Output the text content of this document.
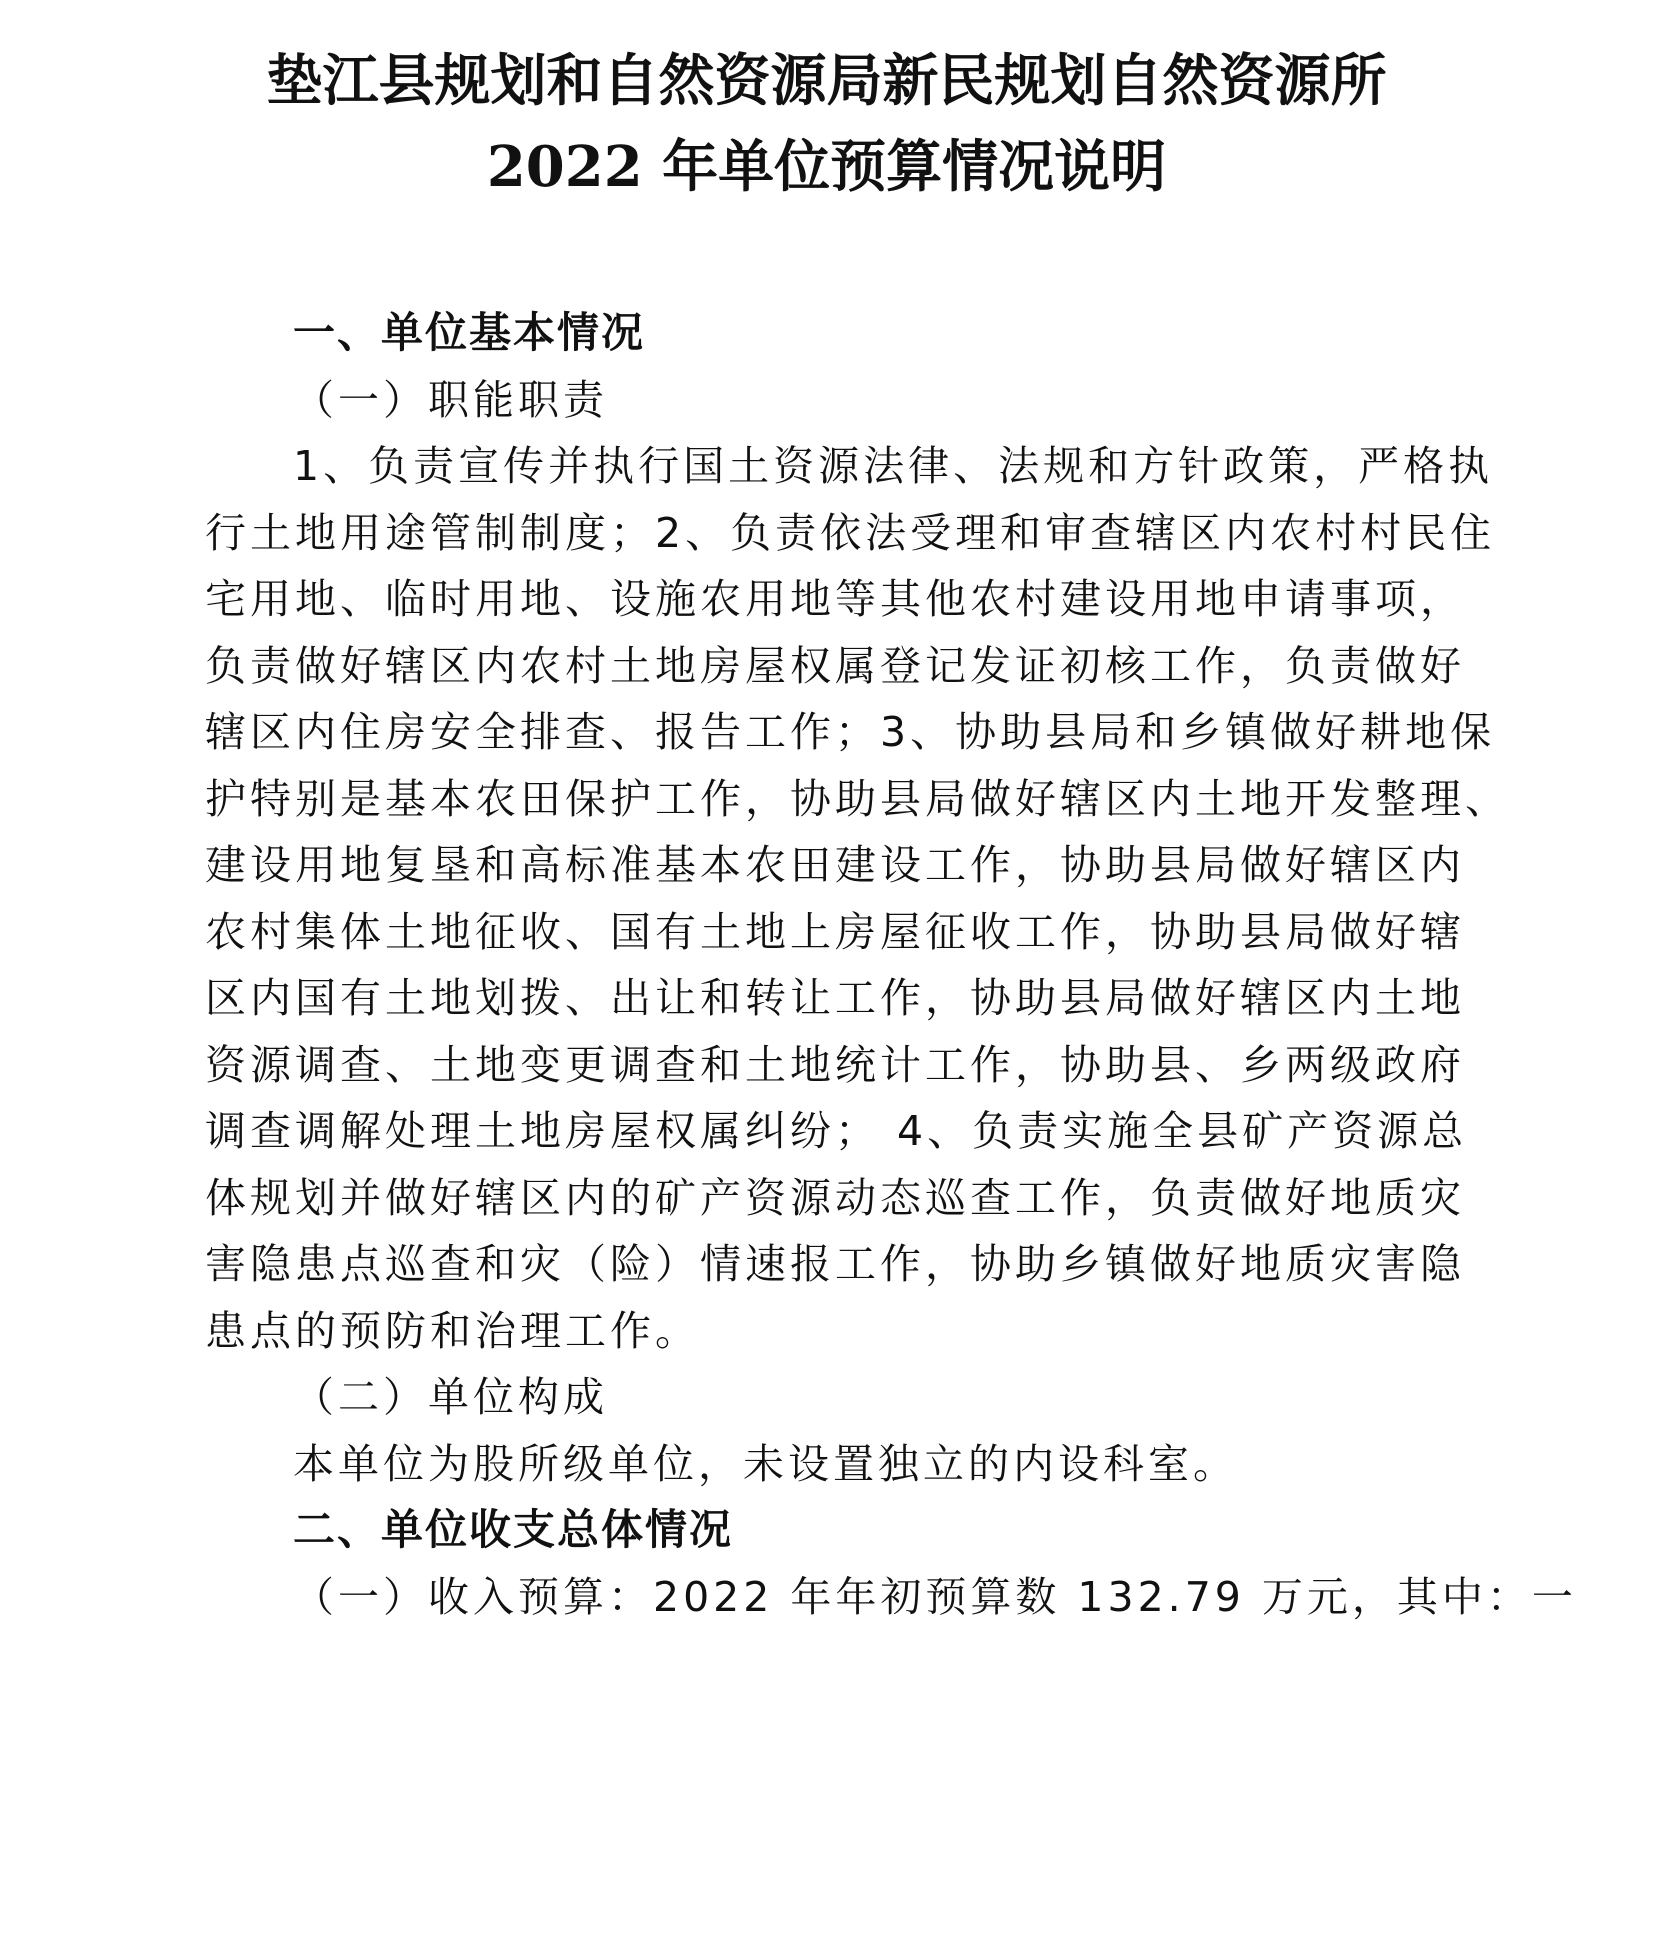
垫江县规划和自然资源局新民规划自然资源所
2022 年单位预算情况说明
一、单位基本情况
（一）职能职责
1、负责宣传并执行国土资源法律、法规和方针政策，严格执
行土地用途管制制度；2、负责依法受理和审查辖区内农村村民住
宅用地、临时用地、设施农用地等其他农村建设用地申请事项，
负责做好辖区内农村土地房屋权属登记发证初核工作，负责做好
辖区内住房安全排查、报告工作；3、协助县局和乡镇做好耕地保
护特别是基本农田保护工作，协助县局做好辖区内土地开发整理、
建设用地复垦和高标准基本农田建设工作，协助县局做好辖区内
农村集体土地征收、国有土地上房屋征收工作，协助县局做好辖
区内国有土地划拨、出让和转让工作，协助县局做好辖区内土地
资源调查、土地变更调查和土地统计工作，协助县、乡两级政府
调查调解处理土地房屋权属纠纷； 4、负责实施全县矿产资源总
体规划并做好辖区内的矿产资源动态巡查工作，负责做好地质灾
害隐患点巡查和灾（险）情速报工作，协助乡镇做好地质灾害隐
患点的预防和治理工作。
（二）单位构成
本单位为股所级单位，未设置独立的内设科室。
二、单位收支总体情况
（一）收入预算：2022 年年初预算数 132.79 万元，其中：一
